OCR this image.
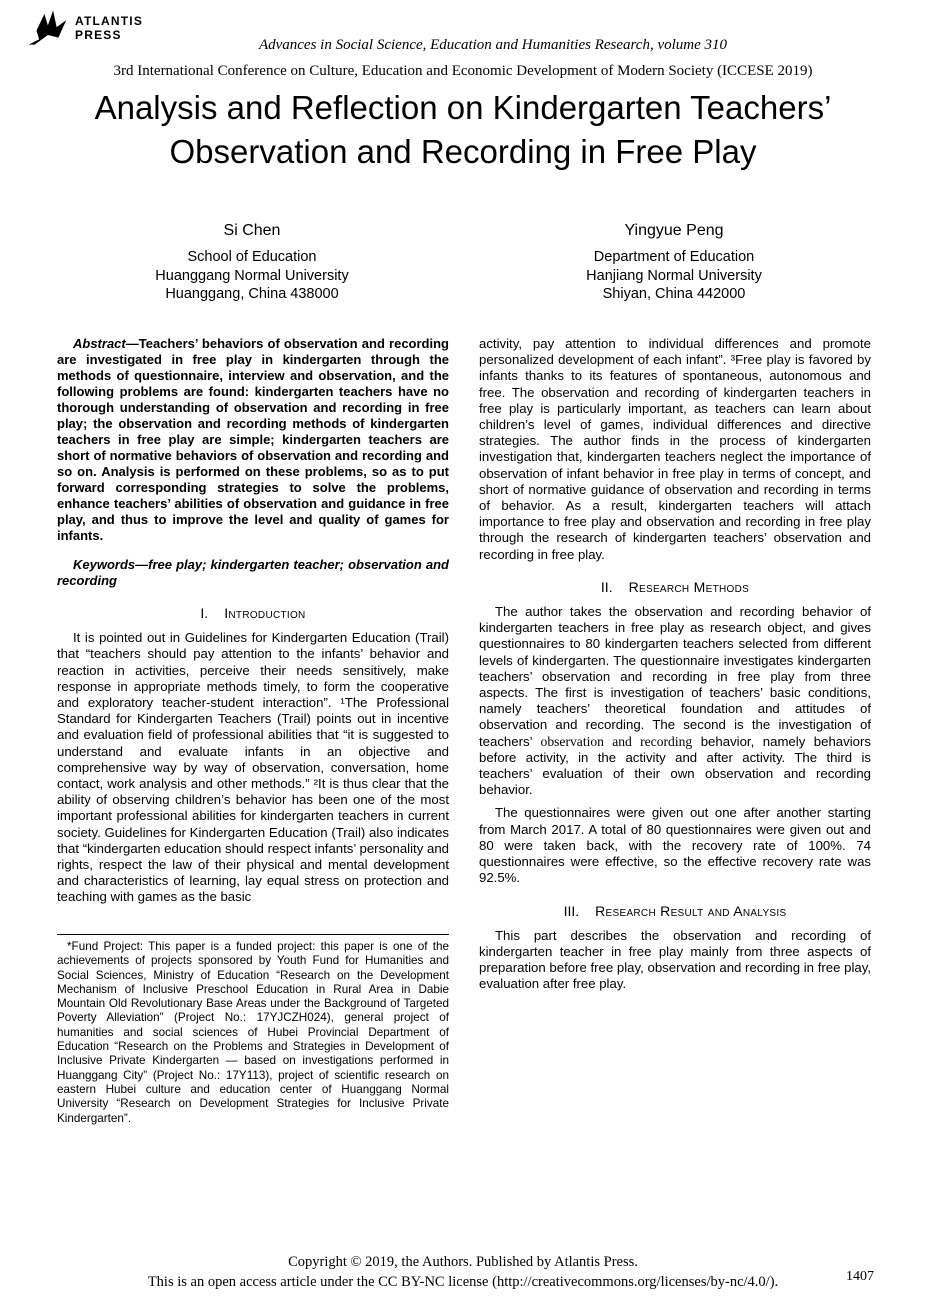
ATLANTIS
PRESS
Advances in Social Science, Education and Humanities Research, volume 310
3rd International Conference on Culture, Education and Economic Development of Modern Society (ICCESE 2019)
Analysis and Reflection on Kindergarten Teachers’ Observation and Recording in Free Play
Si Chen
School of Education
Huanggang Normal University
Huanggang, China 438000
Yingyue Peng
Department of Education
Hanjiang Normal University
Shiyan, China 442000

Abstract—Teachers’ behaviors of observation and recording are investigated in free play in kindergarten through the methods of questionnaire, interview and observation, and the following problems are found: kindergarten teachers have no thorough understanding of observation and recording in free play; the observation and recording methods of kindergarten teachers in free play are simple; kindergarten teachers are short of normative behaviors of observation and recording and so on. Analysis is performed on these problems, so as to put forward corresponding strategies to solve the problems, enhance teachers’ abilities of observation and guidance in free play, and thus to improve the level and quality of games for infants.

Keywords—free play; kindergarten teacher; observation and recording

I. Introduction

It is pointed out in Guidelines for Kindergarten Education (Trail) that “teachers should pay attention to the infants’ behavior and reaction in activities, perceive their needs sensitively, make response in appropriate methods timely, to form the cooperative and exploratory teacher-student interaction”. ¹The Professional Standard for Kindergarten Teachers (Trail) points out in incentive and evaluation field of professional abilities that “it is suggested to understand and evaluate infants in an objective and comprehensive way by way of observation, conversation, home contact, work analysis and other methods.” ²It is thus clear that the ability of observing children’s behavior has been one of the most important professional abilities for kindergarten teachers in current society. Guidelines for Kindergarten Education (Trail) also indicates that “kindergarten education should respect infants’ personality and rights, respect the law of their physical and mental development and characteristics of learning, lay equal stress on protection and teaching with games as the basic

activity, pay attention to individual differences and promote personalized development of each infant”. ³Free play is favored by infants thanks to its features of spontaneous, autonomous and free. The observation and recording of kindergarten teachers in free play is particularly important, as teachers can learn about children’s level of games, individual differences and directive strategies. The author finds in the process of kindergarten investigation that, kindergarten teachers neglect the importance of observation of infant behavior in free play in terms of concept, and short of normative guidance of observation and recording in terms of behavior. As a result, kindergarten teachers will attach importance to free play and observation and recording in free play through the research of kindergarten teachers’ observation and recording in free play.

II. Research Methods

The author takes the observation and recording behavior of kindergarten teachers in free play as research object, and gives questionnaires to 80 kindergarten teachers selected from different levels of kindergarten. The questionnaire investigates kindergarten teachers’ observation and recording in free play from three aspects. The first is investigation of teachers’ basic conditions, namely teachers’ theoretical foundation and attitudes of observation and recording. The second is the investigation of teachers’ observation and recording behavior, namely behaviors before activity, in the activity and after activity. The third is teachers’ evaluation of their own observation and recording behavior.

The questionnaires were given out one after another starting from March 2017. A total of 80 questionnaires were given out and 80 were taken back, with the recovery rate of 100%. 74 questionnaires were effective, so the effective recovery rate was 92.5%.

III. Research Result and Analysis

This part describes the observation and recording of kindergarten teacher in free play mainly from three aspects of preparation before free play, observation and recording in free play, evaluation after free play.

*Fund Project: This paper is a funded project: this paper is one of the achievements of projects sponsored by Youth Fund for Humanities and Social Sciences, Ministry of Education “Research on the Development Mechanism of Inclusive Preschool Education in Rural Area in Dabie Mountain Old Revolutionary Base Areas under the Background of Targeted Poverty Alleviation” (Project No.: 17YJCZH024), general project of humanities and social sciences of Hubei Provincial Department of Education “Research on the Problems and Strategies in Development of Inclusive Private Kindergarten — based on investigations performed in Huanggang City” (Project No.: 17Y113), project of scientific research on eastern Hubei culture and education center of Huanggang Normal University “Research on Development Strategies for Inclusive Private Kindergarten”.

Copyright © 2019, the Authors. Published by Atlantis Press.
This is an open access article under the CC BY-NC license (http://creativecommons.org/licenses/by-nc/4.0/).	1407
